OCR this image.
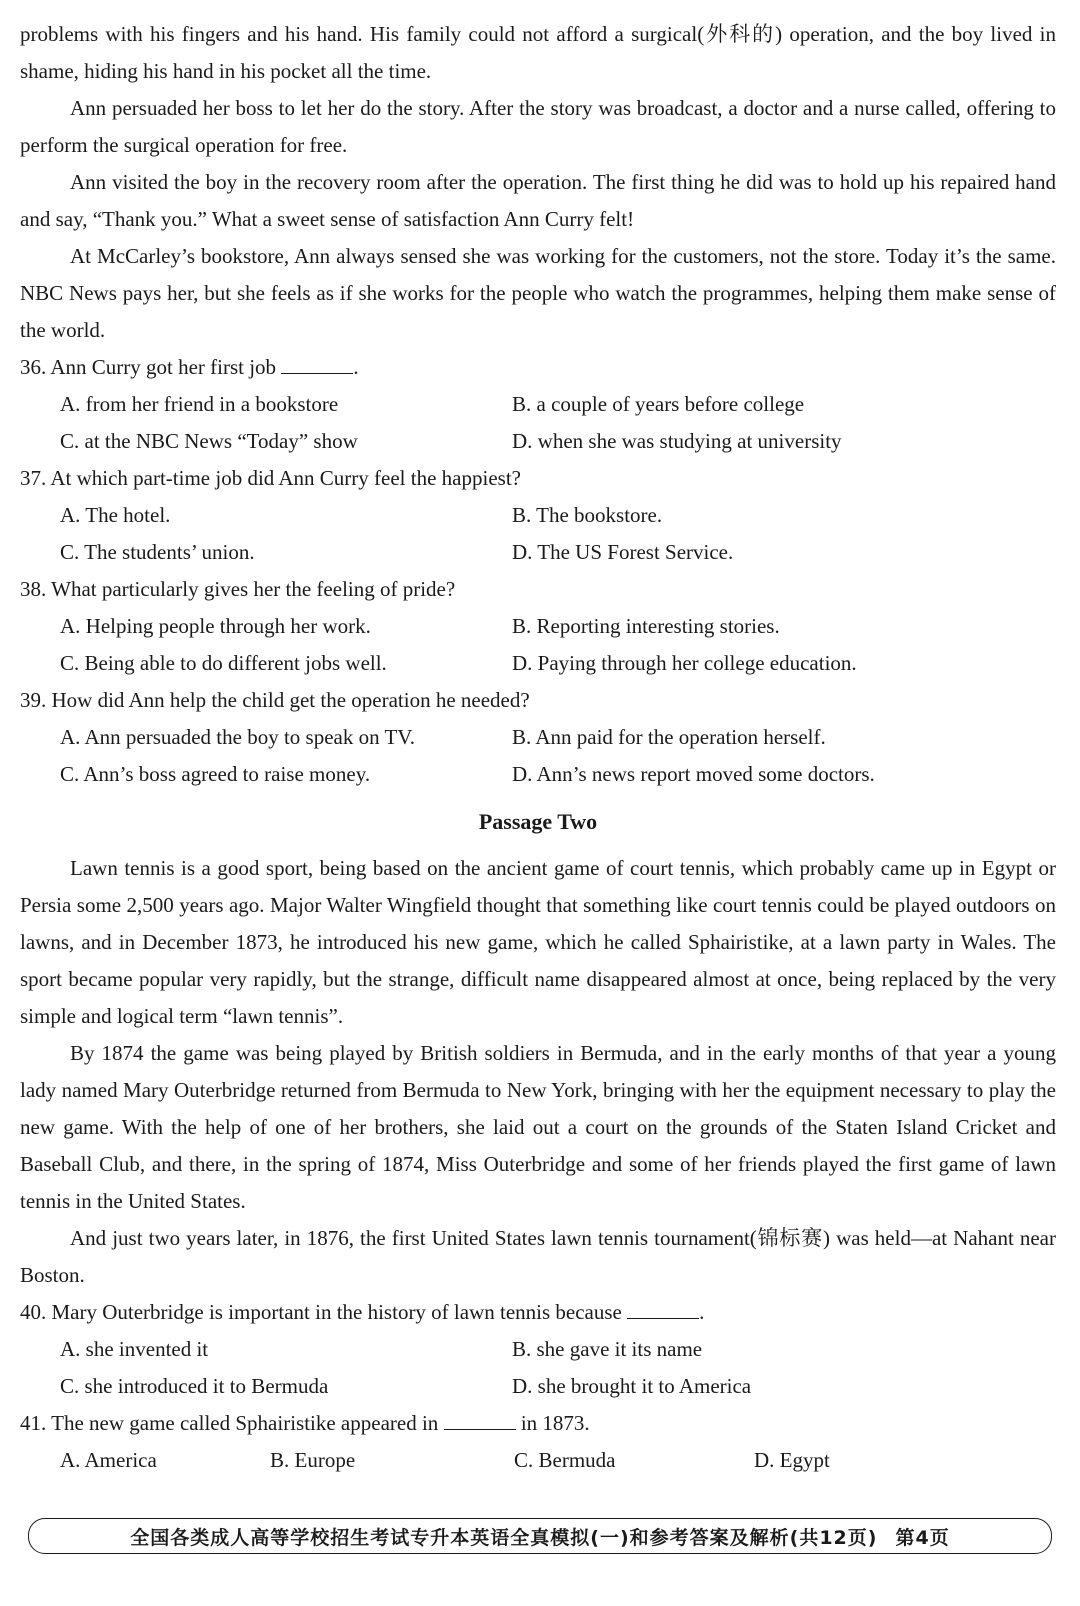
problems with his fingers and his hand. His family could not afford a surgical(外科的) operation, and the boy lived in shame, hiding his hand in his pocket all the time.

Ann persuaded her boss to let her do the story. After the story was broadcast, a doctor and a nurse called, offering to perform the surgical operation for free.

Ann visited the boy in the recovery room after the operation. The first thing he did was to hold up his repaired hand and say, “Thank you.” What a sweet sense of satisfaction Ann Curry felt!

At McCarley’s bookstore, Ann always sensed she was working for the customers, not the store. Today it’s the same. NBC News pays her, but she feels as if she works for the people who watch the programmes, helping them make sense of the world.

36. Ann Curry got her first job	.

A. from her friend in a bookstore	B. a couple of years before college
C. at the NBC News “Today” show	D. when she was studying at university

37. At which part-time job did Ann Curry feel the happiest?

A. The hotel.	B. The bookstore.
C. The students’ union.	D. The US Forest Service.

38. What particularly gives her the feeling of pride?

A. Helping people through her work.	B. Reporting interesting stories.
C. Being able to do different jobs well.	D. Paying through her college education.

39. How did Ann help the child get the operation he needed?

A. Ann persuaded the boy to speak on TV.	B. Ann paid for the operation herself.
C. Ann’s boss agreed to raise money.	D. Ann’s news report moved some doctors.
Passage Two

Lawn tennis is a good sport, being based on the ancient game of court tennis, which probably came up in Egypt or Persia some 2,500 years ago. Major Walter Wingfield thought that something like court tennis could be played outdoors on lawns, and in December 1873, he introduced his new game, which he called Sphairistike, at a lawn party in Wales. The sport became popular very rapidly, but the strange, difficult name disappeared almost at once, being replaced by the very simple and logical term “lawn tennis”.

By 1874 the game was being played by British soldiers in Bermuda, and in the early months of that year a young lady named Mary Outerbridge returned from Bermuda to New York, bringing with her the equipment necessary to play the new game. With the help of one of her brothers, she laid out a court on the grounds of the Staten Island Cricket and Baseball Club, and there, in the spring of 1874, Miss Outerbridge and some of her friends played the first game of lawn tennis in the United States.

And just two years later, in 1876, the first United States lawn tennis tournament(锦标赛) was held—at Nahant near Boston.

40. Mary Outerbridge is important in the history of lawn tennis because	.

A. she invented it	B. she gave it its name
C. she introduced it to Bermuda	D. she brought it to America

41. The new game called Sphairistike appeared in	in 1873.

A. America	B. Europe	C. Bermuda	D. Egypt
全国各类成人高等学校招生考试专升本英语全真模拟(一)和参考答案及解析(共12页) 第4页
